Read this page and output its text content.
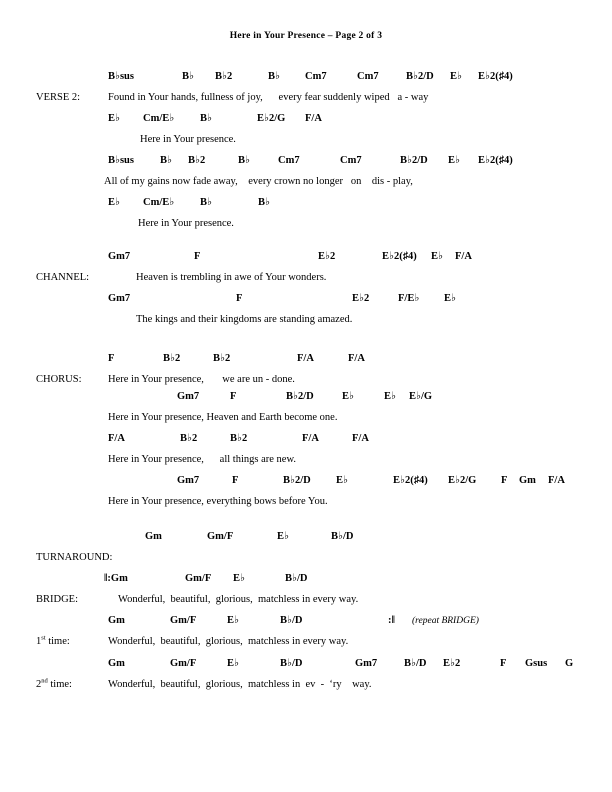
Here in Your Presence – Page 2 of 3
B♭sus	B♭ B♭2	B♭ Cm7	Cm7	B♭2/D E♭ E♭2(♯4)
VERSE 2:	Found in Your hands, fullness of joy,      every fear suddenly wiped   a - way
E♭ Cm/E♭ B♭	E♭2/G F/A
Here in Your presence.
B♭sus B♭ B♭2	B♭	Cm7	Cm7	B♭2/D E♭ E♭2(♯4)
All of my gains now fade away,    every crown no longer   on    dis - play,
E♭ Cm/E♭ B♭	B♭
Here in Your presence.
Gm7	F	E♭2	E♭2(♯4) E♭ F/A
CHANNEL:	Heaven is trembling in awe of Your wonders.
Gm7	F	E♭2	F/E♭ E♭
The kings and their kingdoms are standing amazed.
F	B♭2	B♭2	F/A	F/A
CHORUS:	Here in Your presence,       we are un - done.
Gm7	F	B♭2/D	E♭	E♭ E♭/G
Here in Your presence, Heaven and Earth become one.
F/A	B♭2	B♭2	F/A	F/A
Here in Your presence,      all things are new.
Gm7	F	B♭2/D E♭	E♭2(♯4) E♭2/G F Gm F/A
Here in Your presence, everything bows before You.
Gm	Gm/F	E♭	B♭/D
TURNAROUND:
‖:Gm	Gm/F E♭	B♭/D
BRIDGE:	Wonderful,  beautiful,  glorious,  matchless in every way.
Gm	Gm/F	E♭	B♭/D	:‖ (repeat BRIDGE)
1st time:	Wonderful,  beautiful,  glorious,  matchless in every way.
Gm	Gm/F	E♭	B♭/D	Gm7	B♭/D E♭2	F Gsus G
2nd time:	Wonderful,  beautiful,  glorious,  matchless in  ev  -  ‘ry    way.
